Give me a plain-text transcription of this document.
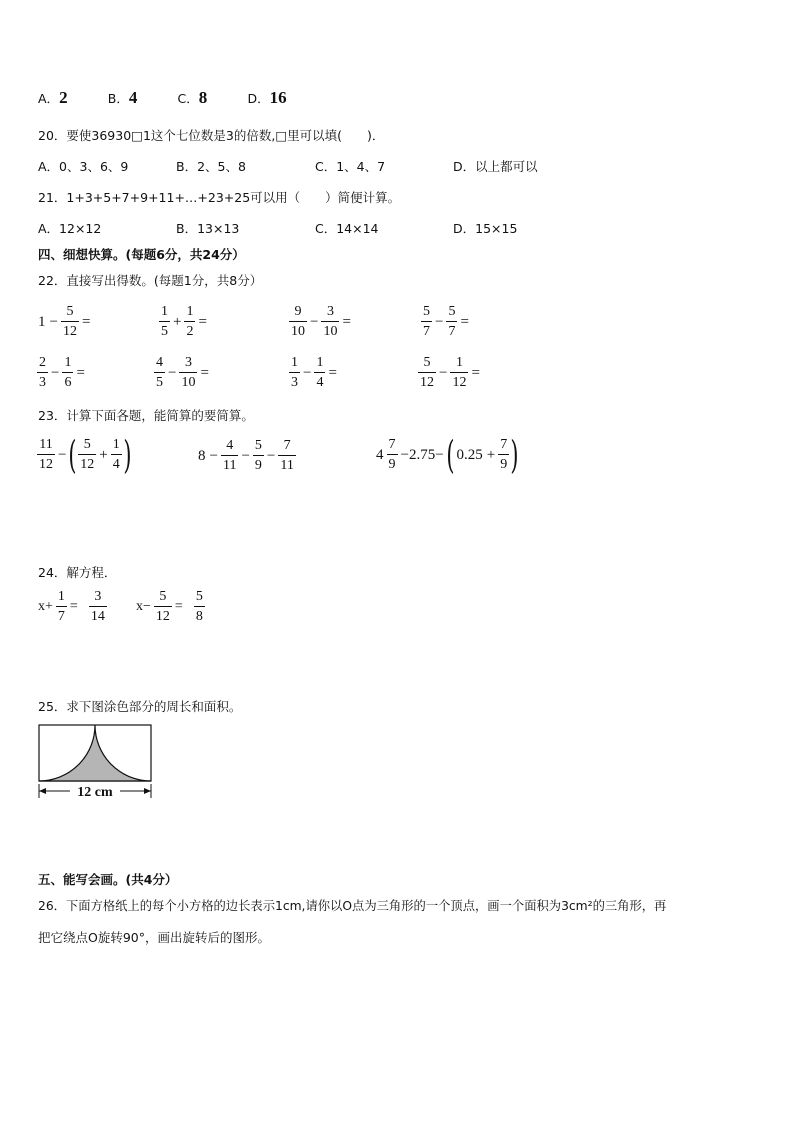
A．2	B．4	C．8	D．16
20．要使36930□1这个七位数是3的倍数,□里可以填(　　)．
A．0、3、6、9	B．2、5、8	C．1、4、7	D．以上都可以
21．1+3+5+7+9+11+…+23+25可以用（　　）简便计算。
A．12×12	B．13×13	C．14×14	D．15×15
四、细想快算。(每题6分，共24分）
22．直接写出得数。(每题1分，共8分）
$1 - \frac{5}{12}$ =	$\frac{1}{5} + \frac{1}{2}$ =	$\frac{9}{10} - \frac{3}{10}$ =	$\frac{5}{7} - \frac{5}{7}$ =
$\frac{2}{3} - \frac{1}{6}$ =	$\frac{4}{5} - \frac{3}{10}$ =	$\frac{1}{3} - \frac{1}{4}$ =	$\frac{5}{12} - \frac{1}{12}$ =
23．计算下面各题，能简算的要简算。
$\frac{11}{12}$ −( $\frac{5}{12} + \frac{1}{4}$ )	$8 - \frac{4}{11} - \frac{5}{9} - \frac{7}{11}$	$4 \frac{7}{9} -2.75-$( $0.25 + \frac{7}{9}$ )
24．解方程．
$x+ \frac{1}{7} = \frac{3}{14} x- \frac{5}{12} = \frac{5}{8}$
25．求下图涂色部分的周长和面积。
12 cm
五、能写会画。(共4分）
26．下面方格纸上的每个小方格的边长表示1cm,请你以O点为三角形的一个顶点，画一个面积为3cm²的三角形，再
把它绕点O旋转90°，画出旋转后的图形。
